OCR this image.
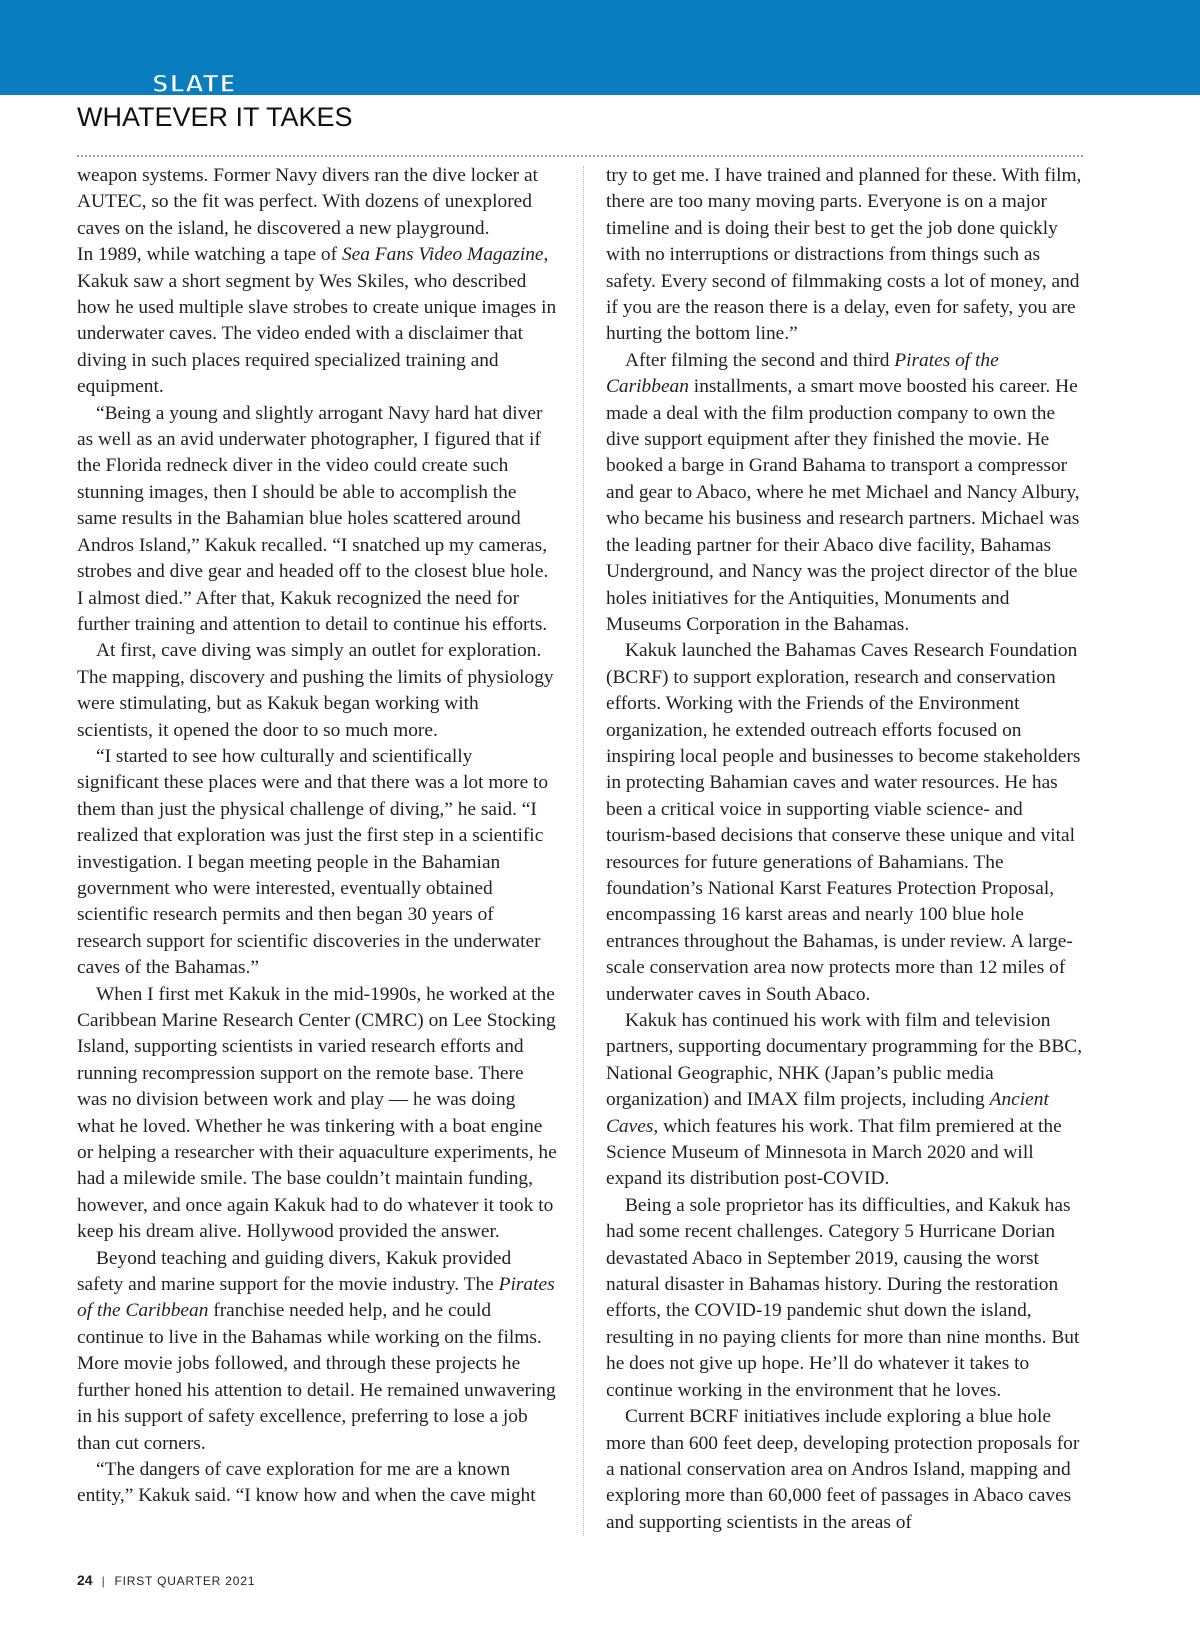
DIVE SLATE
WHATEVER IT TAKES

weapon systems. Former Navy divers ran the dive locker at AUTEC, so the fit was perfect. With dozens of unexplored caves on the island, he discovered a new playground.

In 1989, while watching a tape of Sea Fans Video Magazine, Kakuk saw a short segment by Wes Skiles, who described how he used multiple slave strobes to create unique images in underwater caves. The video ended with a disclaimer that diving in such places required specialized training and equipment.

“Being a young and slightly arrogant Navy hard hat diver as well as an avid underwater photographer, I figured that if the Florida redneck diver in the video could create such stunning images, then I should be able to accomplish the same results in the Bahamian blue holes scattered around Andros Island,” Kakuk recalled. “I snatched up my cameras, strobes and dive gear and headed off to the closest blue hole. I almost died.” After that, Kakuk recognized the need for further training and attention to detail to continue his efforts.

At first, cave diving was simply an outlet for exploration. The mapping, discovery and pushing the limits of physiology were stimulating, but as Kakuk began working with scientists, it opened the door to so much more.

“I started to see how culturally and scientifically significant these places were and that there was a lot more to them than just the physical challenge of diving,” he said. “I realized that exploration was just the first step in a scientific investigation. I began meeting people in the Bahamian government who were interested, eventually obtained scientific research permits and then began 30 years of research support for scientific discoveries in the underwater caves of the Bahamas.”

When I first met Kakuk in the mid-1990s, he worked at the Caribbean Marine Research Center (CMRC) on Lee Stocking Island, supporting scientists in varied research efforts and running recompression support on the remote base. There was no division between work and play — he was doing what he loved. Whether he was tinkering with a boat engine or helping a researcher with their aquaculture experiments, he had a milewide smile. The base couldn’t maintain funding, however, and once again Kakuk had to do whatever it took to keep his dream alive. Hollywood provided the answer.

Beyond teaching and guiding divers, Kakuk provided safety and marine support for the movie industry. The Pirates of the Caribbean franchise needed help, and he could continue to live in the Bahamas while working on the films. More movie jobs followed, and through these projects he further honed his attention to detail. He remained unwavering in his support of safety excellence, preferring to lose a job than cut corners.

“The dangers of cave exploration for me are a known entity,” Kakuk said. “I know how and when the cave might

try to get me. I have trained and planned for these. With film, there are too many moving parts. Everyone is on a major timeline and is doing their best to get the job done quickly with no interruptions or distractions from things such as safety. Every second of filmmaking costs a lot of money, and if you are the reason there is a delay, even for safety, you are hurting the bottom line.”

After filming the second and third Pirates of the Caribbean installments, a smart move boosted his career. He made a deal with the film production company to own the dive support equipment after they finished the movie. He booked a barge in Grand Bahama to transport a compressor and gear to Abaco, where he met Michael and Nancy Albury, who became his business and research partners. Michael was the leading partner for their Abaco dive facility, Bahamas Underground, and Nancy was the project director of the blue holes initiatives for the Antiquities, Monuments and Museums Corporation in the Bahamas.

Kakuk launched the Bahamas Caves Research Foundation (BCRF) to support exploration, research and conservation efforts. Working with the Friends of the Environment organization, he extended outreach efforts focused on inspiring local people and businesses to become stakeholders in protecting Bahamian caves and water resources. He has been a critical voice in supporting viable science- and tourism-based decisions that conserve these unique and vital resources for future generations of Bahamians. The foundation’s National Karst Features Protection Proposal, encompassing 16 karst areas and nearly 100 blue hole entrances throughout the Bahamas, is under review. A large-scale conservation area now protects more than 12 miles of underwater caves in South Abaco.

Kakuk has continued his work with film and television partners, supporting documentary programming for the BBC, National Geographic, NHK (Japan’s public media organization) and IMAX film projects, including Ancient Caves, which features his work. That film premiered at the Science Museum of Minnesota in March 2020 and will expand its distribution post-COVID.

Being a sole proprietor has its difficulties, and Kakuk has had some recent challenges. Category 5 Hurricane Dorian devastated Abaco in September 2019, causing the worst natural disaster in Bahamas history. During the restoration efforts, the COVID-19 pandemic shut down the island, resulting in no paying clients for more than nine months. But he does not give up hope. He’ll do whatever it takes to continue working in the environment that he loves.

Current BCRF initiatives include exploring a blue hole more than 600 feet deep, developing protection proposals for a national conservation area on Andros Island, mapping and exploring more than 60,000 feet of passages in Abaco caves and supporting scientists in the areas of

24 | FIRST QUARTER 2021
